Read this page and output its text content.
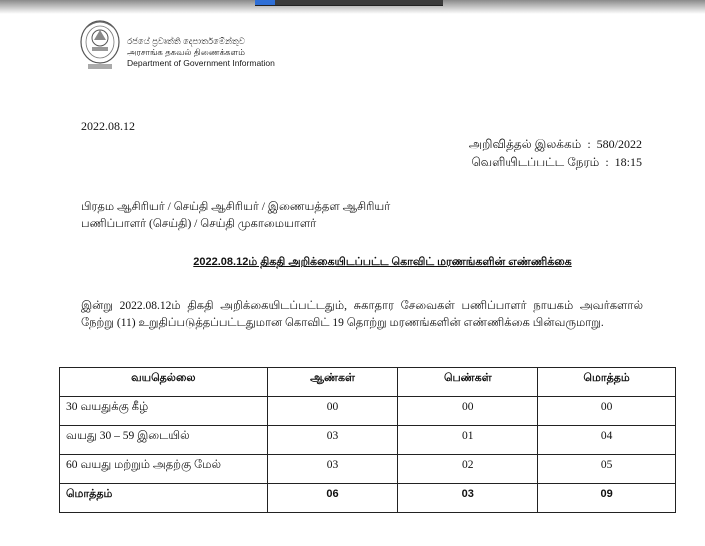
රජයේ ප්‍රවෘත්ති දෙපාර්තමේන්තුව
அரசாங்க தகவல் திணைக்களம்
Department of Government Information
2022.08.12
அறிவித்தல் இலக்கம் : 580/2022
வெளியிடப்பட்ட நேரம் : 18:15
பிரதம ஆசிரியர் / செய்தி ஆசிரியர் / இணையத்தள ஆசிரியர்
பணிப்பாளர் (செய்தி) / செய்தி முகாமையாளர்
2022.08.12ம் திகதி அறிக்கையிடப்பட்ட கொவிட் மரணங்களின் எண்ணிக்கை
இன்று 2022.08.12ம் திகதி அறிக்கையிடப்பட்டதும், சுகாதார சேவைகள் பணிப்பாளர் நாயகம் அவர்களால் நேற்று (11) உறுதிப்படுத்தப்பட்டதுமான கொவிட் 19 தொற்று மரணங்களின் எண்ணிக்கை பின்வருமாறு.
வயதெல்லை	ஆண்கள்	பெண்கள்	மொத்தம்
30 வயதுக்கு கீழ்	00	00	00
வயது 30 – 59 இடையில்	03	01	04
60 வயது மற்றும் அதற்கு மேல்	03	02	05
மொத்தம்	06	03	09
